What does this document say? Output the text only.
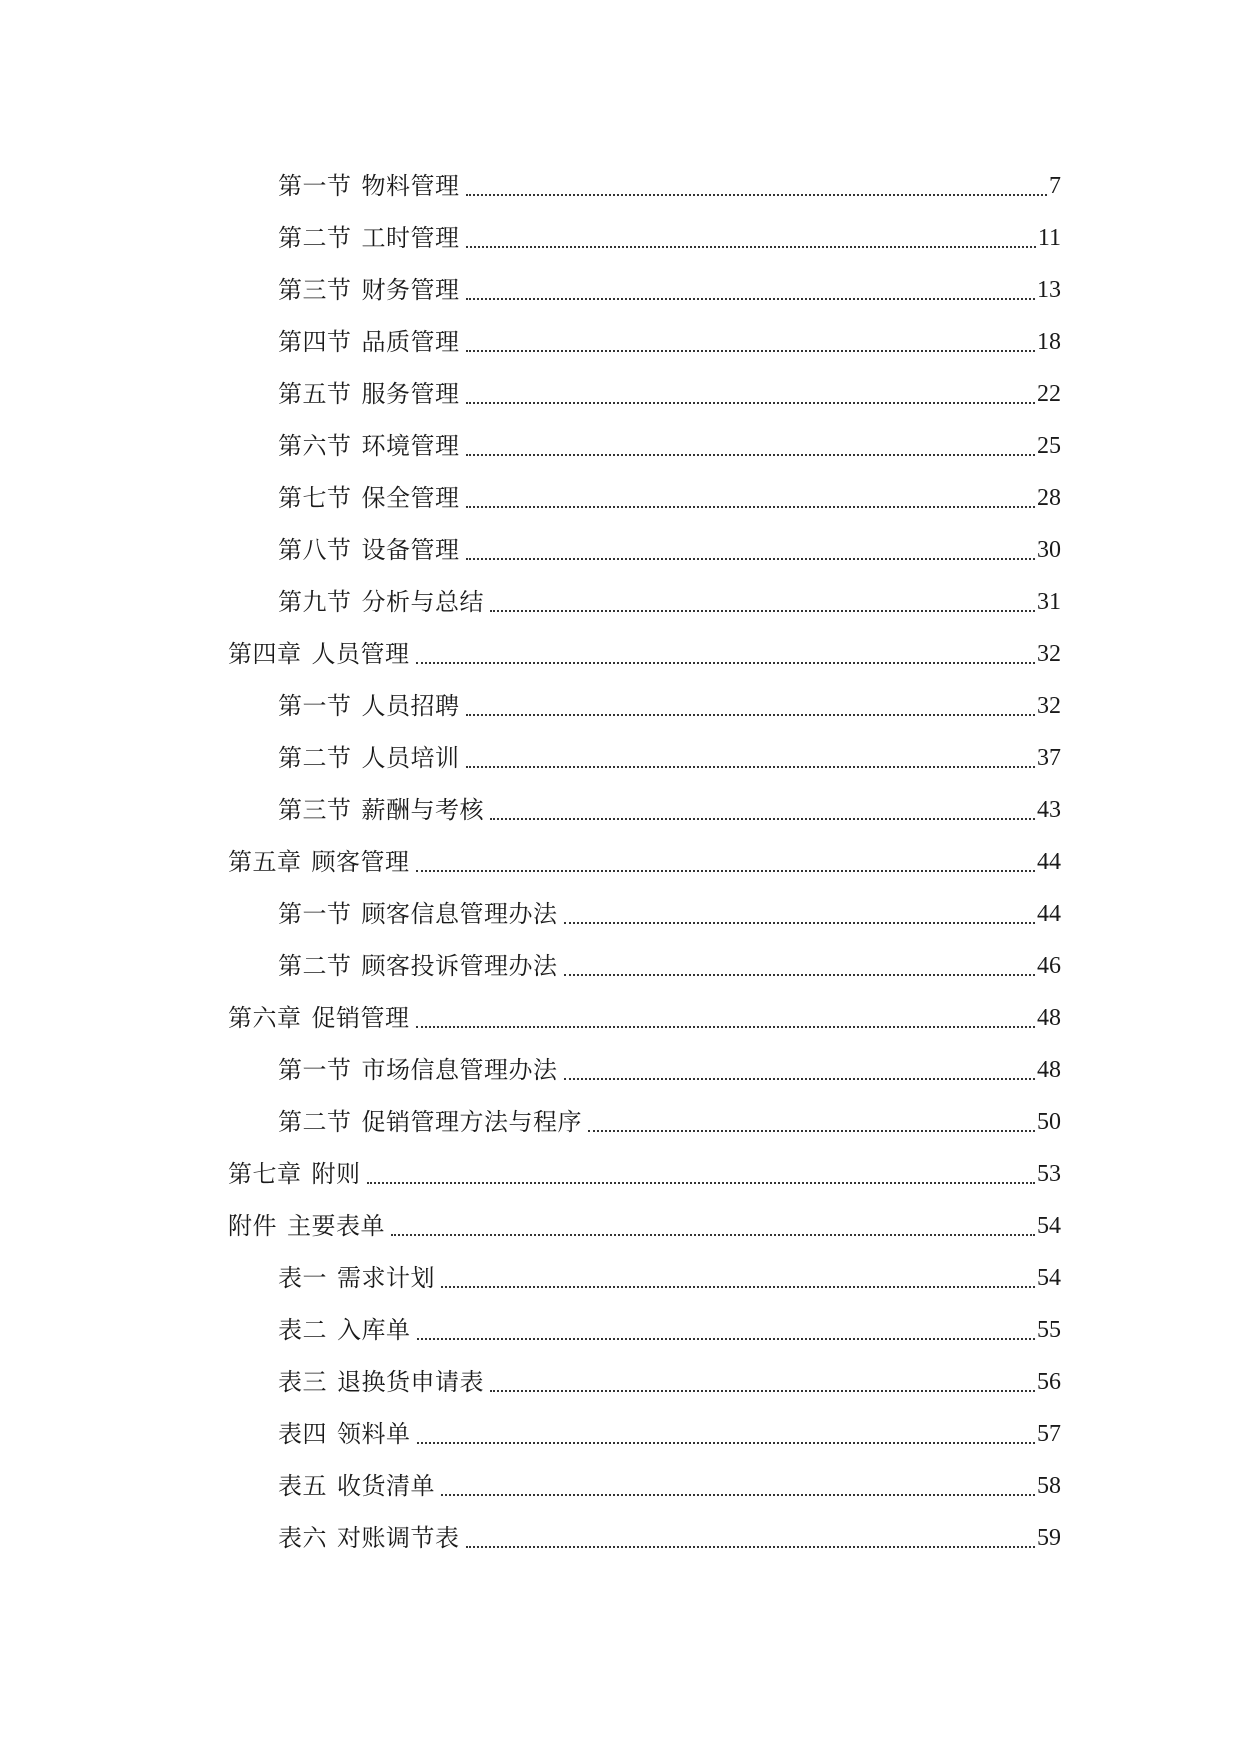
第一节 物料管理	7
第二节 工时管理	11
第三节 财务管理	13
第四节 品质管理	18
第五节 服务管理	22
第六节 环境管理	25
第七节 保全管理	28
第八节 设备管理	30
第九节 分析与总结	31
第四章 人员管理	32
第一节 人员招聘	32
第二节 人员培训	37
第三节 薪酬与考核	43
第五章 顾客管理	44
第一节 顾客信息管理办法	44
第二节 顾客投诉管理办法	46
第六章 促销管理	48
第一节 市场信息管理办法	48
第二节 促销管理方法与程序	50
第七章 附则	53
附件 主要表单	54
表一 需求计划	54
表二 入库单	55
表三 退换货申请表	56
表四 领料单	57
表五 收货清单	58
表六 对账调节表	59
